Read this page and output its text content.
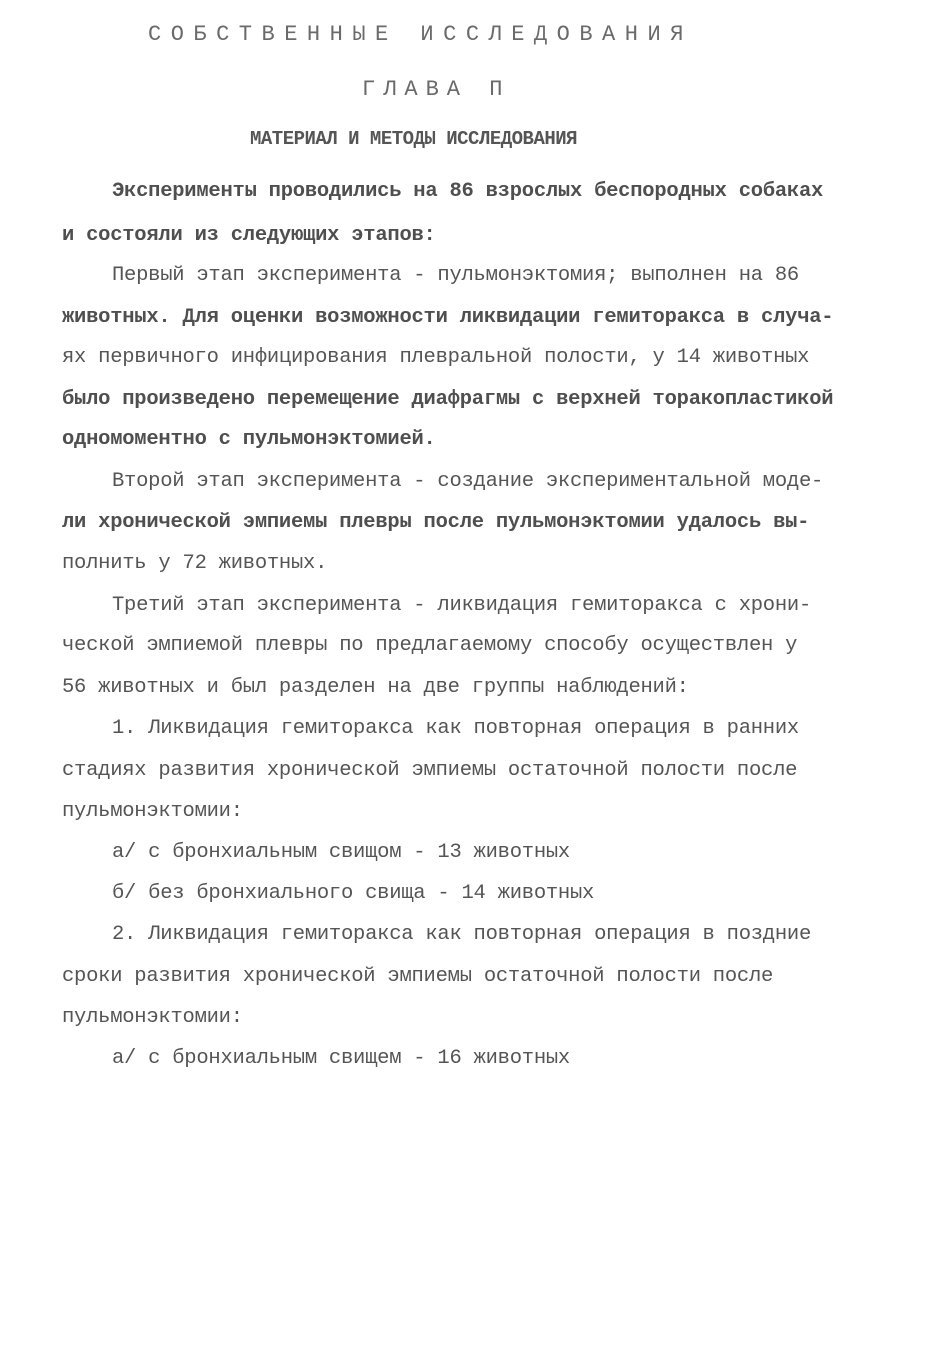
СОБСТВЕННЫЕ ИССЛЕДОВАНИЯ
ГЛАВА П
МАТЕРИАЛ И МЕТОДЫ ИССЛЕДОВАНИЯ
Эксперименты проводились на 86 взрослых беспородных собаках
и состояли из следующих этапов:
Первый этап эксперимента - пульмонэктомия; выполнен на 86
животных. Для оценки возможности ликвидации гемиторакса в случа-
ях первичного инфицирования плевральной полости, у 14 животных
было произведено перемещение диафрагмы с верхней торакопластикой
одномоментно с пульмонэктомией.
Второй этап эксперимента - создание экспериментальной моде-
ли хронической эмпиемы плевры после пульмонэктомии удалось вы-
полнить у 72 животных.
Третий этап эксперимента - ликвидация гемиторакса с хрони-
ческой эмпиемой плевры по предлагаемому способу осуществлен у
56 животных и был разделен на две группы наблюдений:
1. Ликвидация гемиторакса как повторная операция в ранних
стадиях развития хронической эмпиемы остаточной полости после
пульмонэктомии:
а/ с бронхиальным свищом - 13 животных
б/ без бронхиального свища - 14 животных
2. Ликвидация гемиторакса как повторная операция в поздние
сроки развития хронической эмпиемы остаточной полости после
пульмонэктомии:
а/ с бронхиальным свищем - 16 животных
